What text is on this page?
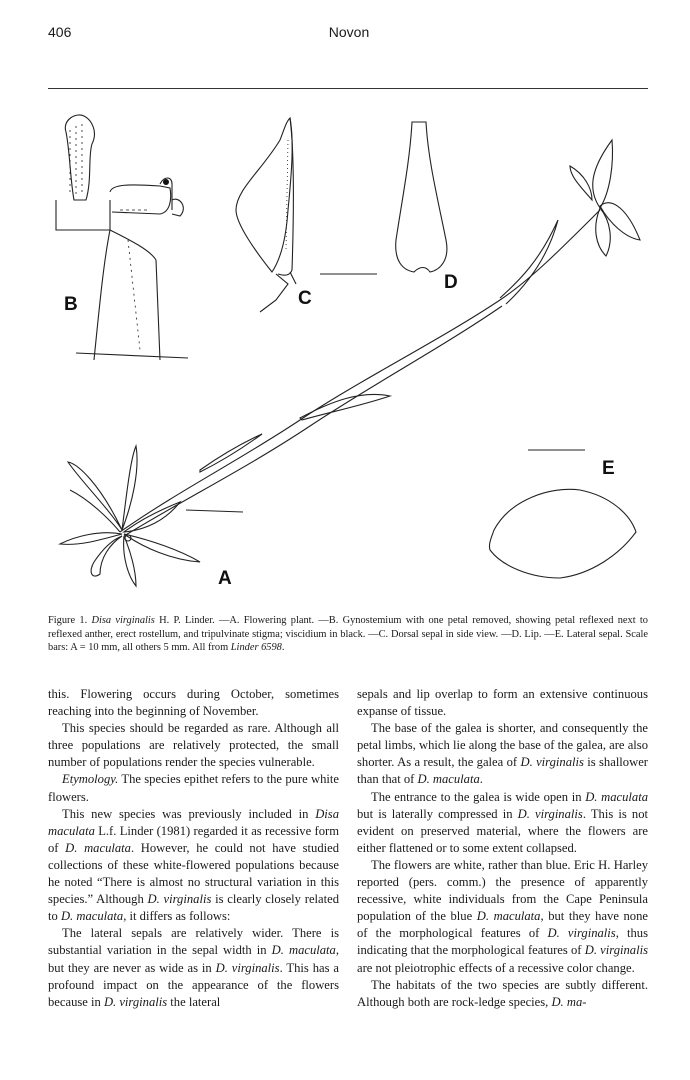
406	Novon
B	C
D
A
E
Figure 1. Disa virginalis H. P. Linder. —A. Flowering plant. —B. Gynostemium with one petal removed, showing petal reflexed next to reflexed anther, erect rostellum, and tripulvinate stigma; viscidium in black. —C. Dorsal sepal in side view. —D. Lip. —E. Lateral sepal. Scale bars: A = 10 mm, all others 5 mm. All from Linder 6598.

this. Flowering occurs during October, sometimes reaching into the beginning of November.

This species should be regarded as rare. Although all three populations are relatively protected, the small number of populations render the species vulnerable.

Etymology. The species epithet refers to the pure white flowers.

This new species was previously included in Disa maculata L.f. Linder (1981) regarded it as recessive form of D. maculata. However, he could not have studied collections of these white-flowered populations because he noted “There is almost no structural variation in this species.” Although D. virginalis is clearly closely related to D. maculata, it differs as follows:

The lateral sepals are relatively wider. There is substantial variation in the sepal width in D. maculata, but they are never as wide as in D. virginalis. This has a profound impact on the appearance of the flowers because in D. virginalis the lateral

sepals and lip overlap to form an extensive continuous expanse of tissue.

The base of the galea is shorter, and consequently the petal limbs, which lie along the base of the galea, are also shorter. As a result, the galea of D. virginalis is shallower than that of D. maculata.

The entrance to the galea is wide open in D. maculata but is laterally compressed in D. virginalis. This is not evident on preserved material, where the flowers are either flattened or to some extent collapsed.

The flowers are white, rather than blue. Eric H. Harley reported (pers. comm.) the presence of apparently recessive, white individuals from the Cape Peninsula population of the blue D. maculata, but they have none of the morphological features of D. virginalis, thus indicating that the morphological features of D. virginalis are not pleiotrophic effects of a recessive color change.

The habitats of the two species are subtly different. Although both are rock-ledge species, D. ma-
